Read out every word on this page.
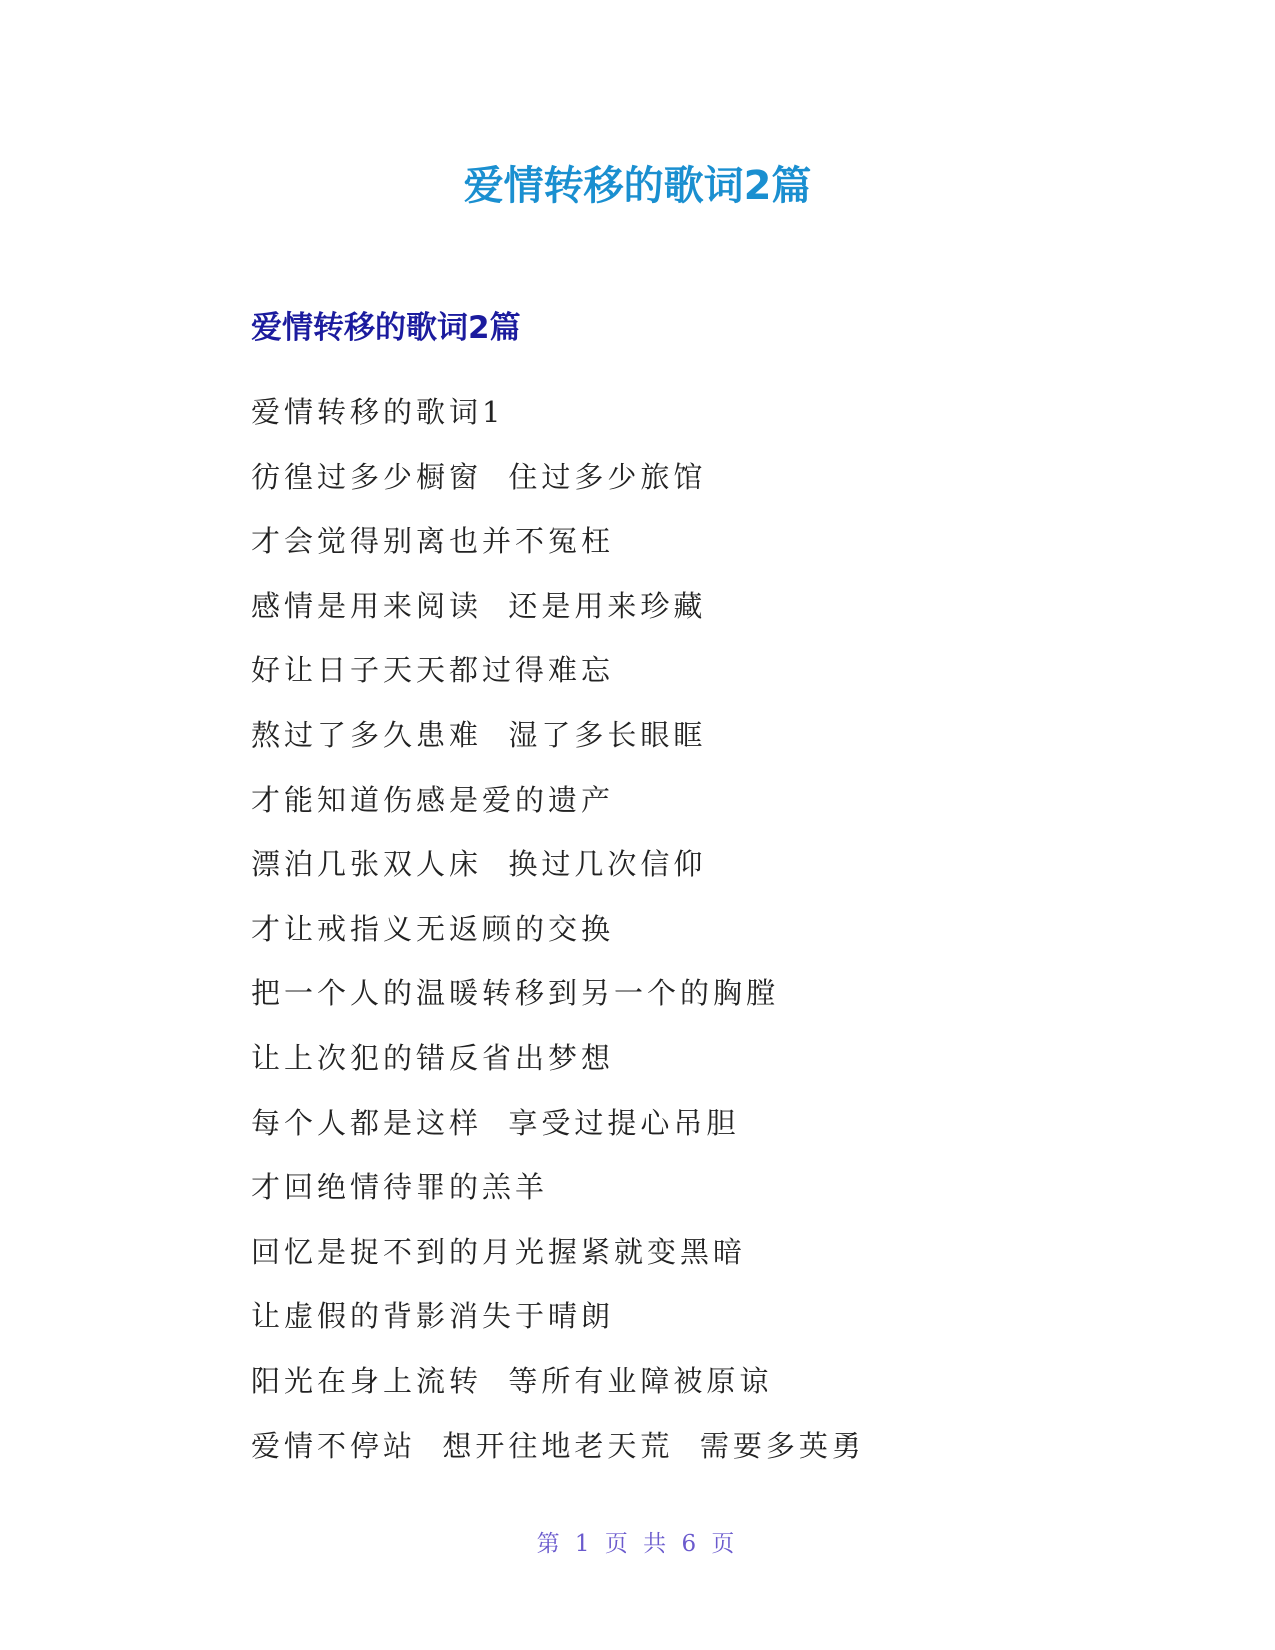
爱情转移的歌词2篇
爱情转移的歌词2篇
爱情转移的歌词1
彷徨过多少橱窗  住过多少旅馆
才会觉得别离也并不冤枉
感情是用来阅读  还是用来珍藏
好让日子天天都过得难忘
熬过了多久患难  湿了多长眼眶
才能知道伤感是爱的遗产
漂泊几张双人床  换过几次信仰
才让戒指义无返顾的交换
把一个人的温暖转移到另一个的胸膛
让上次犯的错反省出梦想
每个人都是这样  享受过提心吊胆
才回绝情待罪的羔羊
回忆是捉不到的月光握紧就变黑暗
让虚假的背影消失于晴朗
阳光在身上流转  等所有业障被原谅
爱情不停站  想开往地老天荒  需要多英勇
第 1 页 共 6 页
